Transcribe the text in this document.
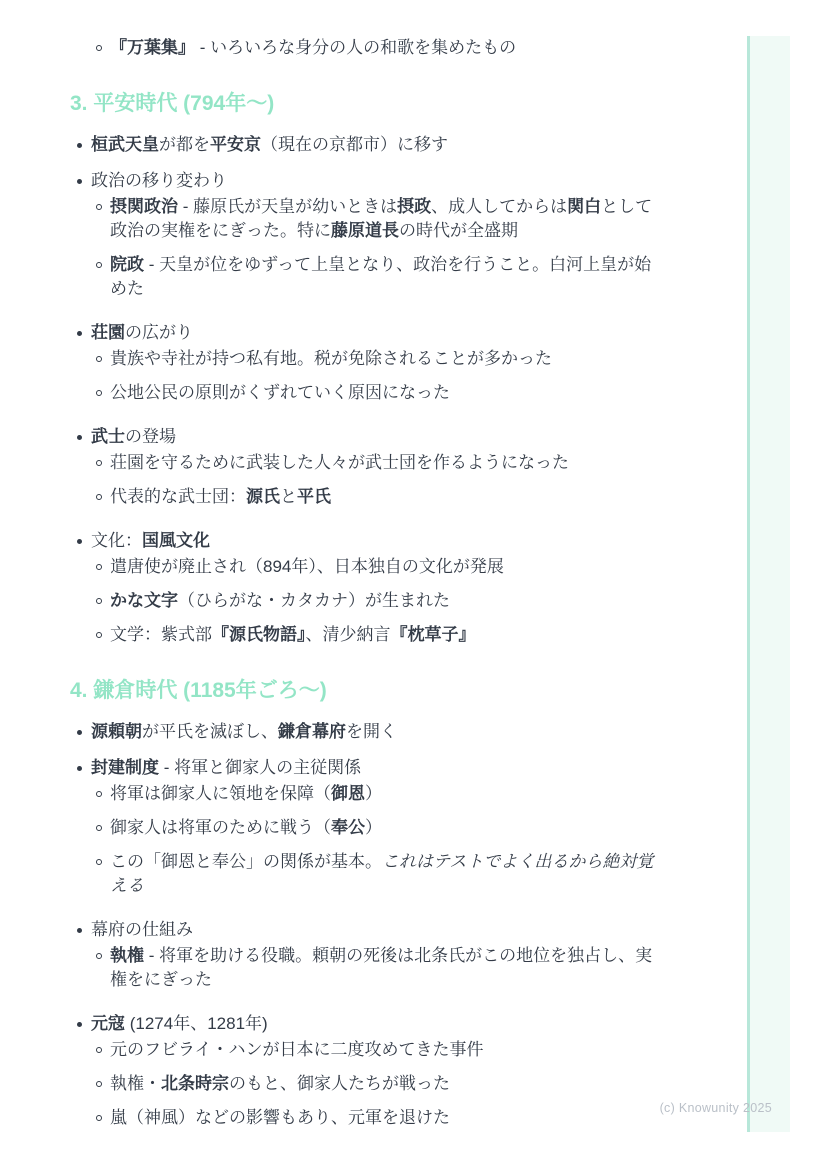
『万葉集』 - いろいろな身分の人の和歌を集めたもの
3. 平安時代 (794年〜)
桓武天皇が都を平安京（現在の京都市）に移す
政治の移り変わり
摂関政治 - 藤原氏が天皇が幼いときは摂政、成人してからは関白として政治の実権をにぎった。特に藤原道長の時代が全盛期
院政 - 天皇が位をゆずって上皇となり、政治を行うこと。白河上皇が始めた
荘園の広がり
貴族や寺社が持つ私有地。税が免除されることが多かった
公地公民の原則がくずれていく原因になった
武士の登場
荘園を守るために武装した人々が武士団を作るようになった
代表的な武士団：源氏と平氏
文化：国風文化
遣唐使が廃止され（894年）、日本独自の文化が発展
かな文字（ひらがな・カタカナ）が生まれた
文学：紫式部『源氏物語』、清少納言『枕草子』
4. 鎌倉時代 (1185年ごろ〜)
源頼朝が平氏を滅ぼし、鎌倉幕府を開く
封建制度 - 将軍と御家人の主従関係
将軍は御家人に領地を保障（御恩）
御家人は将軍のために戦う（奉公）
この「御恩と奉公」の関係が基本。これはテストでよく出るから絶対覚える
幕府の仕組み
執権 - 将軍を助ける役職。頼朝の死後は北条氏がこの地位を独占し、実権をにぎった
元寇 (1274年、1281年)
元のフビライ・ハンが日本に二度攻めてきた事件
執権・北条時宗のもと、御家人たちが戦った
嵐（神風）などの影響もあり、元軍を退けた	(c) Knowunity 2025
